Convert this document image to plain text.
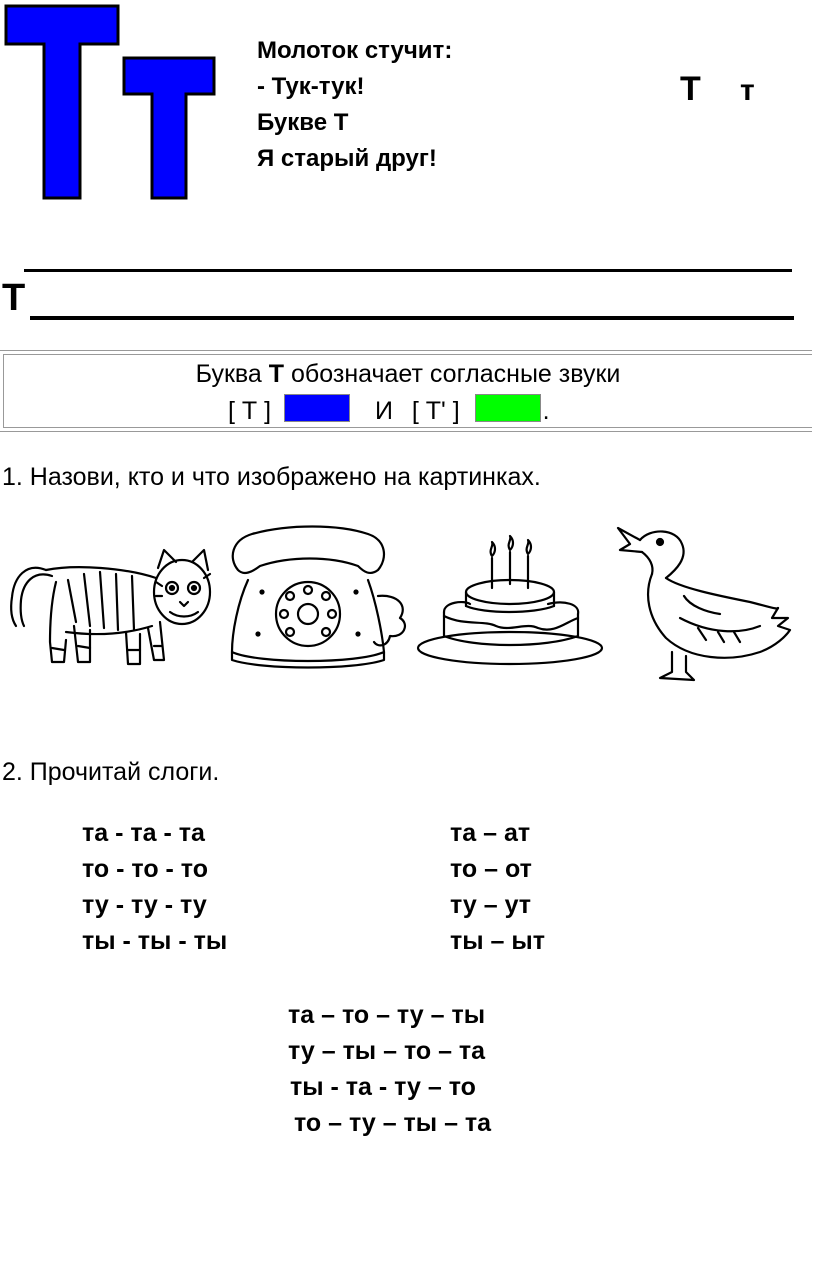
Молоток стучит:
- Тук-тук!
Букве Т
Я старый друг!
Т т
Т
Буква Т обозначает согласные звуки
[ Т ]	И [ Т' ]	.
1. Назови, кто и что изображено на картинках.
2. Прочитай слоги.
та - та - та
то - то - то
ту - ту - ту
ты - ты - ты
та – ат
то – от
ту – ут
ты – ыт
та – то – ту – ты
ту – ты – то – та
ты - та - ту – то
то – ту – ты – та
